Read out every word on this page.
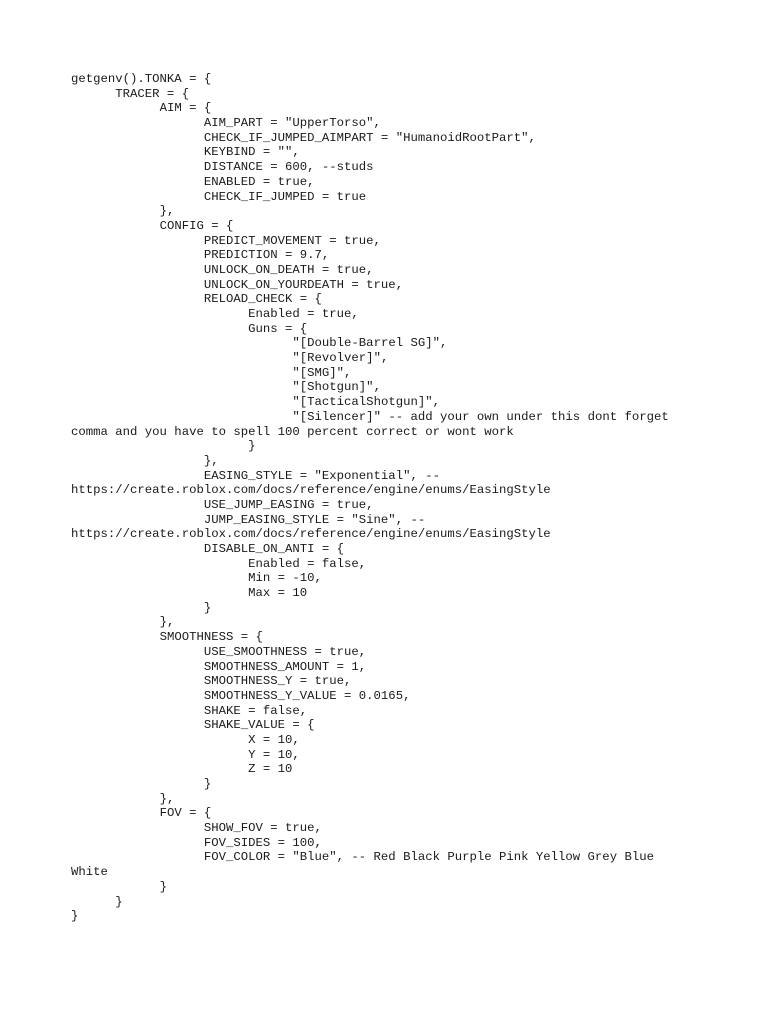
getgenv().TONKA = {
	TRACER = {
		AIM = {
			AIM_PART = "UpperTorso",
			CHECK_IF_JUMPED_AIMPART = "HumanoidRootPart",
			KEYBIND = "",
			DISTANCE = 600, --studs
			ENABLED = true,
			CHECK_IF_JUMPED = true
		},
		CONFIG = {
			PREDICT_MOVEMENT = true,
			PREDICTION = 9.7,
			UNLOCK_ON_DEATH = true,
			UNLOCK_ON_YOURDEATH = true,
			RELOAD_CHECK = {
				Enabled = true,
				Guns = {
					"[Double-Barrel SG]",
					"[Revolver]",
					"[SMG]",
					"[Shotgun]",
					"[TacticalShotgun]",
					"[Silencer]" -- add your own under this dont forget
comma and you have to spell 100 percent correct or wont work
				}
			},
			EASING_STYLE = "Exponential", --
https://create.roblox.com/docs/reference/engine/enums/EasingStyle
			USE_JUMP_EASING = true,
			JUMP_EASING_STYLE = "Sine", --
https://create.roblox.com/docs/reference/engine/enums/EasingStyle
			DISABLE_ON_ANTI = {
				Enabled = false,
				Min = -10,
				Max = 10
			}
		},
		SMOOTHNESS = {
			USE_SMOOTHNESS = true,
			SMOOTHNESS_AMOUNT = 1,
			SMOOTHNESS_Y = true,
			SMOOTHNESS_Y_VALUE = 0.0165,
			SHAKE = false,
			SHAKE_VALUE = {
				X = 10,
				Y = 10,
				Z = 10
			}
		},
		FOV = {
			SHOW_FOV = true,
			FOV_SIDES = 100,
			FOV_COLOR = "Blue", -- Red Black Purple Pink Yellow Grey Blue
White
		}
	}
}
